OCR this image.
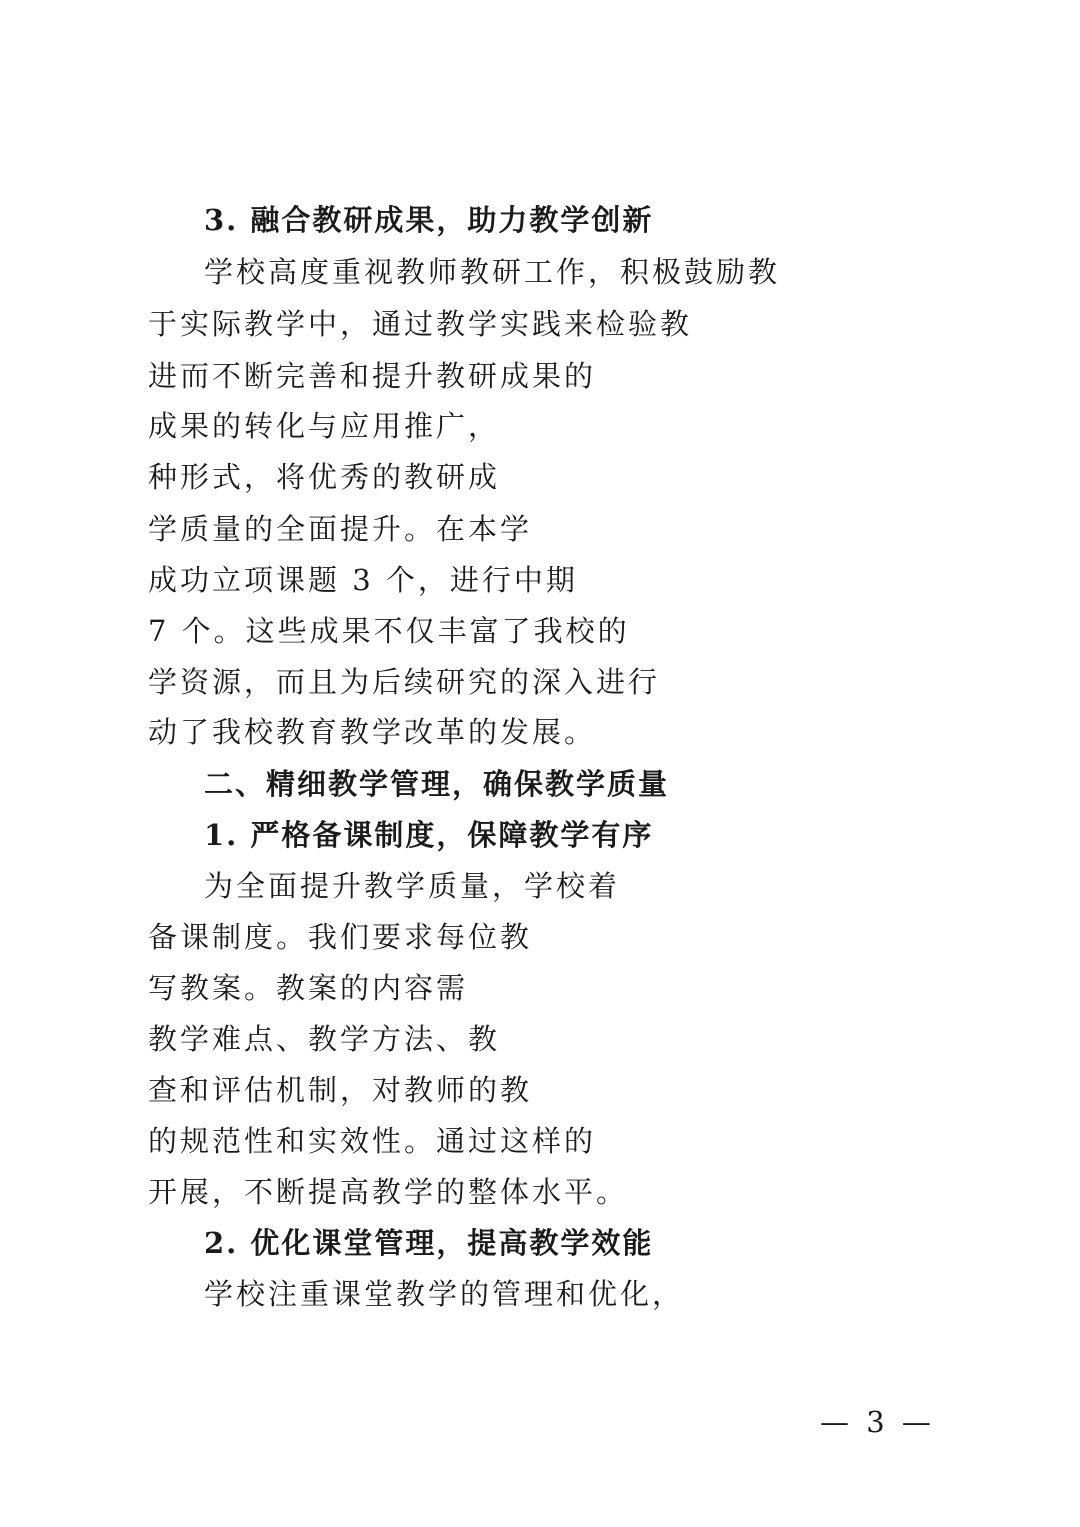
3. 融合教研成果，助力教学创新
学校高度重视教师教研工作，积极鼓励教
于实际教学中，通过教学实践来检验教
进而不断完善和提升教研成果的
成果的转化与应用推广，
种形式，将优秀的教研成
学质量的全面提升。在本学
成功立项课题 3 个，进行中期
7 个。这些成果不仅丰富了我校的
学资源，而且为后续研究的深入进行
动了我校教育教学改革的发展。
二、精细教学管理，确保教学质量
1. 严格备课制度，保障教学有序
为全面提升教学质量，学校着
备课制度。我们要求每位教
写教案。教案的内容需
教学难点、教学方法、教
查和评估机制，对教师的教
的规范性和实效性。通过这样的
开展，不断提高教学的整体水平。
2. 优化课堂管理，提高教学效能
学校注重课堂教学的管理和优化，
— 3 —
